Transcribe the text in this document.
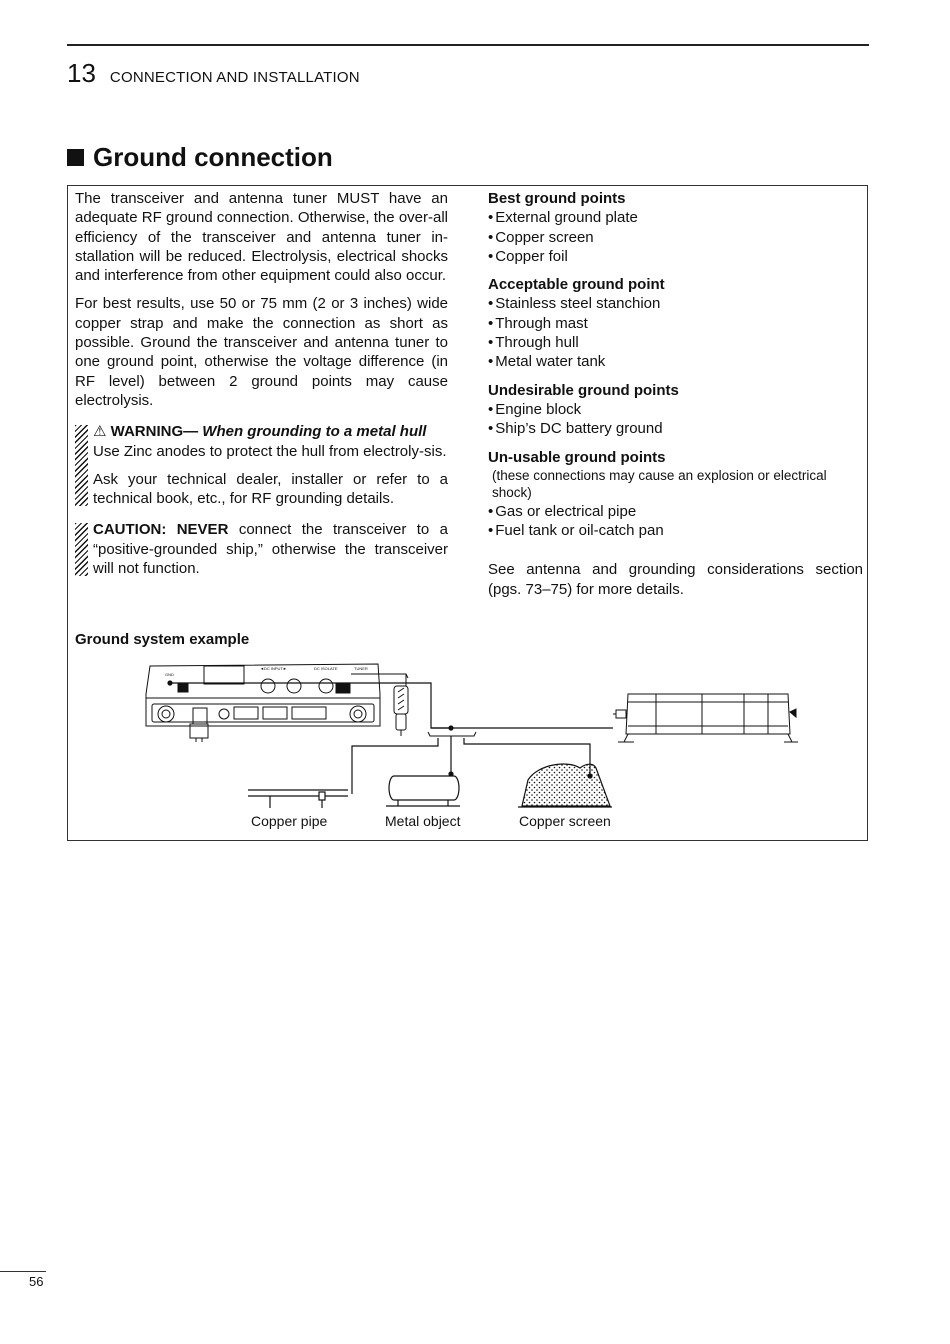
13 CONNECTION AND INSTALLATION
Ground connection

The transceiver and antenna tuner MUST have an adequate RF ground connection. Otherwise, the over-all efficiency of the transceiver and antenna tuner in-stallation will be reduced. Electrolysis, electrical shocks and interference from other equipment could also occur.

For best results, use 50 or 75 mm (2 or 3 inches) wide copper strap and make the connection as short as possible. Ground the transceiver and antenna tuner to one ground point, otherwise the voltage difference (in RF level) between 2 ground points may cause electrolysis.

⚠ WARNING— When grounding to a metal hull
Use Zinc anodes to protect the hull from electroly-sis.

Ask your technical dealer, installer or refer to a technical book, etc., for RF grounding details.

CAUTION: NEVER connect the transceiver to a “positive-grounded ship,” otherwise the transceiver will not function.

Best ground points

• External ground plate
• Copper screen
• Copper foil

Acceptable ground point

• Stainless steel stanchion
• Through mast
• Through hull
• Metal water tank

Undesirable ground points

• Engine block
• Ship’s DC battery ground

Un-usable ground points

(these connections may cause an explosion or electrical shock)

• Gas or electrical pipe
• Fuel tank or oil-catch pan

See antenna and grounding considerations section (pgs. 73–75) for more details.

Ground system example
GND
◄DC INPUT►	DC ISOLATE	TUNER
Copper pipe	Metal object	Copper screen
56
